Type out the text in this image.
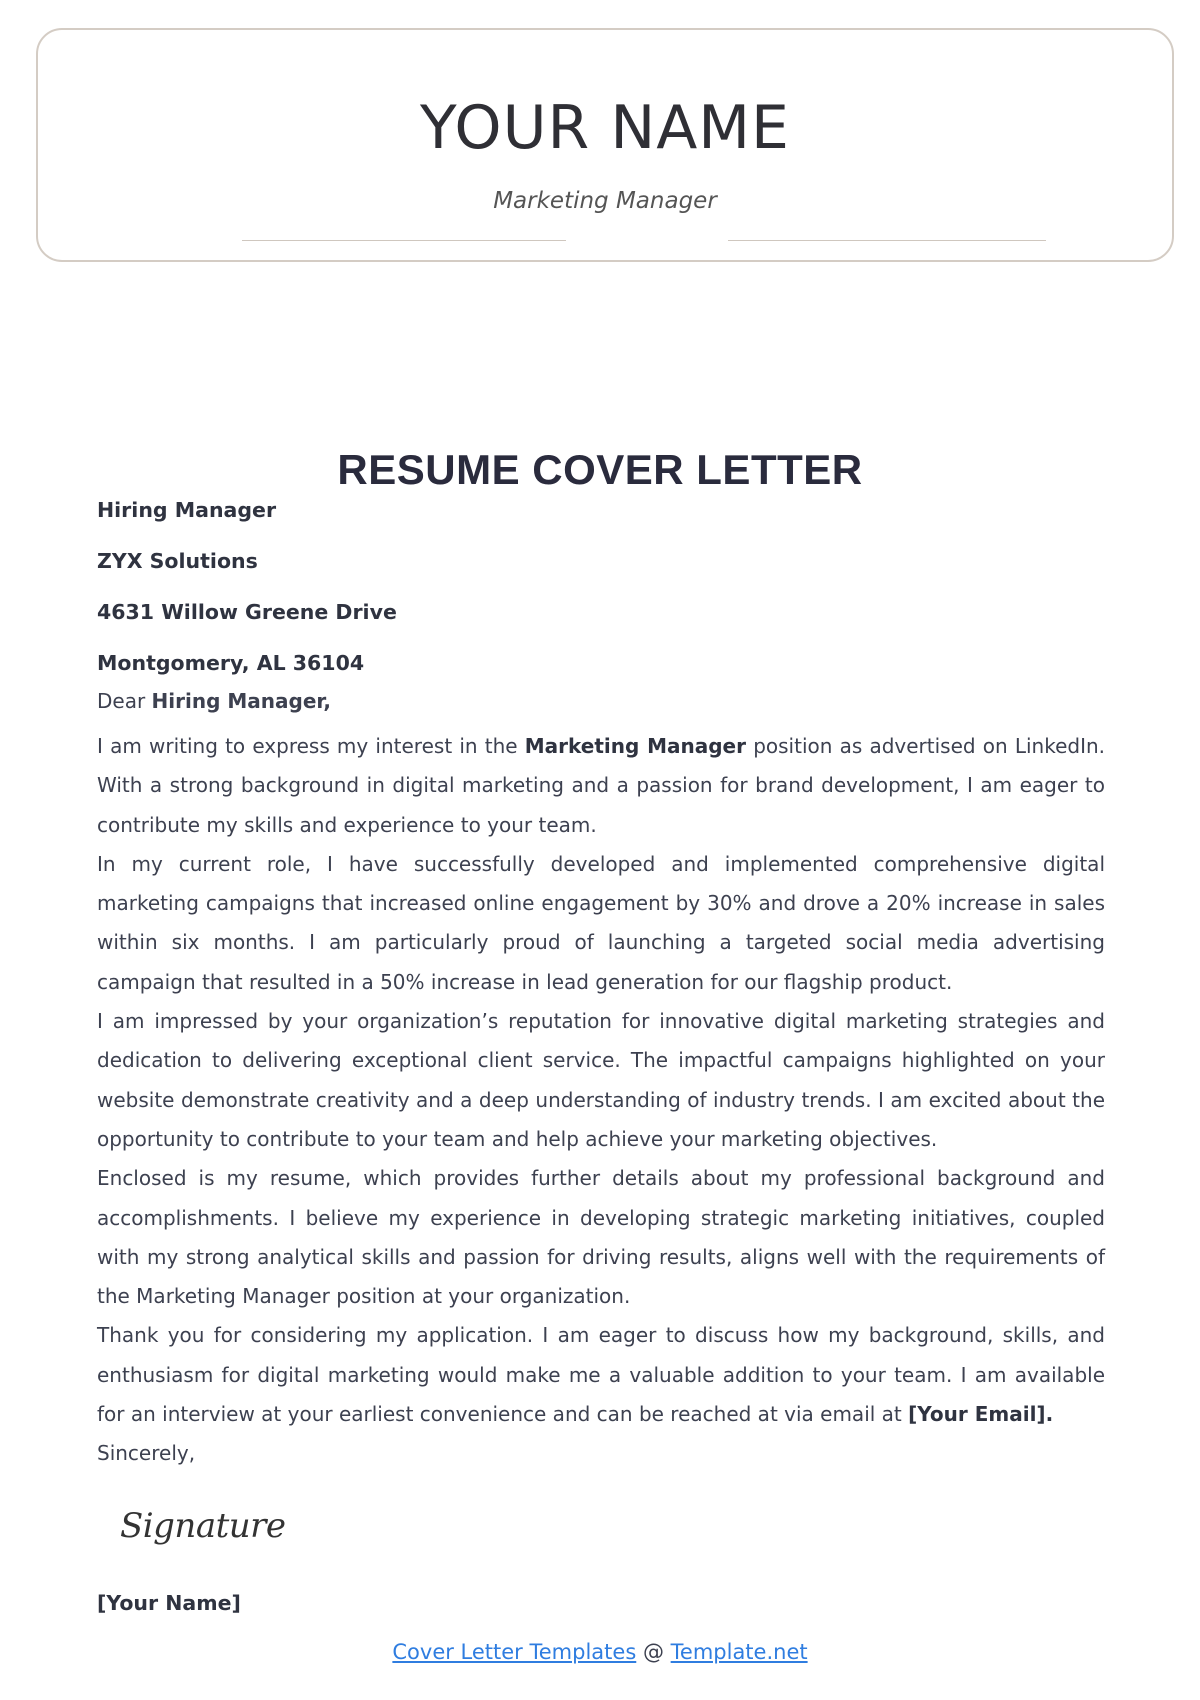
YOUR NAME
Marketing Manager
RESUME COVER LETTER
Hiring Manager
ZYX Solutions
4631 Willow Greene Drive
Montgomery, AL 36104
Dear Hiring Manager,

I am writing to express my interest in the Marketing Manager position as advertised on LinkedIn. With a strong background in digital marketing and a passion for brand development, I am eager to contribute my skills and experience to your team.

In my current role, I have successfully developed and implemented comprehensive digital marketing campaigns that increased online engagement by 30% and drove a 20% increase in sales within six months. I am particularly proud of launching a targeted social media advertising campaign that resulted in a 50% increase in lead generation for our flagship product.

I am impressed by your organization’s reputation for innovative digital marketing strategies and dedication to delivering exceptional client service. The impactful campaigns highlighted on your website demonstrate creativity and a deep understanding of industry trends. I am excited about the opportunity to contribute to your team and help achieve your marketing objectives.

Enclosed is my resume, which provides further details about my professional background and accomplishments. I believe my experience in developing strategic marketing initiatives, coupled with my strong analytical skills and passion for driving results, aligns well with the requirements of the Marketing Manager position at your organization.

Thank you for considering my application. I am eager to discuss how my background, skills, and enthusiasm for digital marketing would make me a valuable addition to your team. I am available for an interview at your earliest convenience and can be reached at via email at [Your Email].

Sincerely,
Signature
[Your Name]
Cover Letter Templates @ Template.net
